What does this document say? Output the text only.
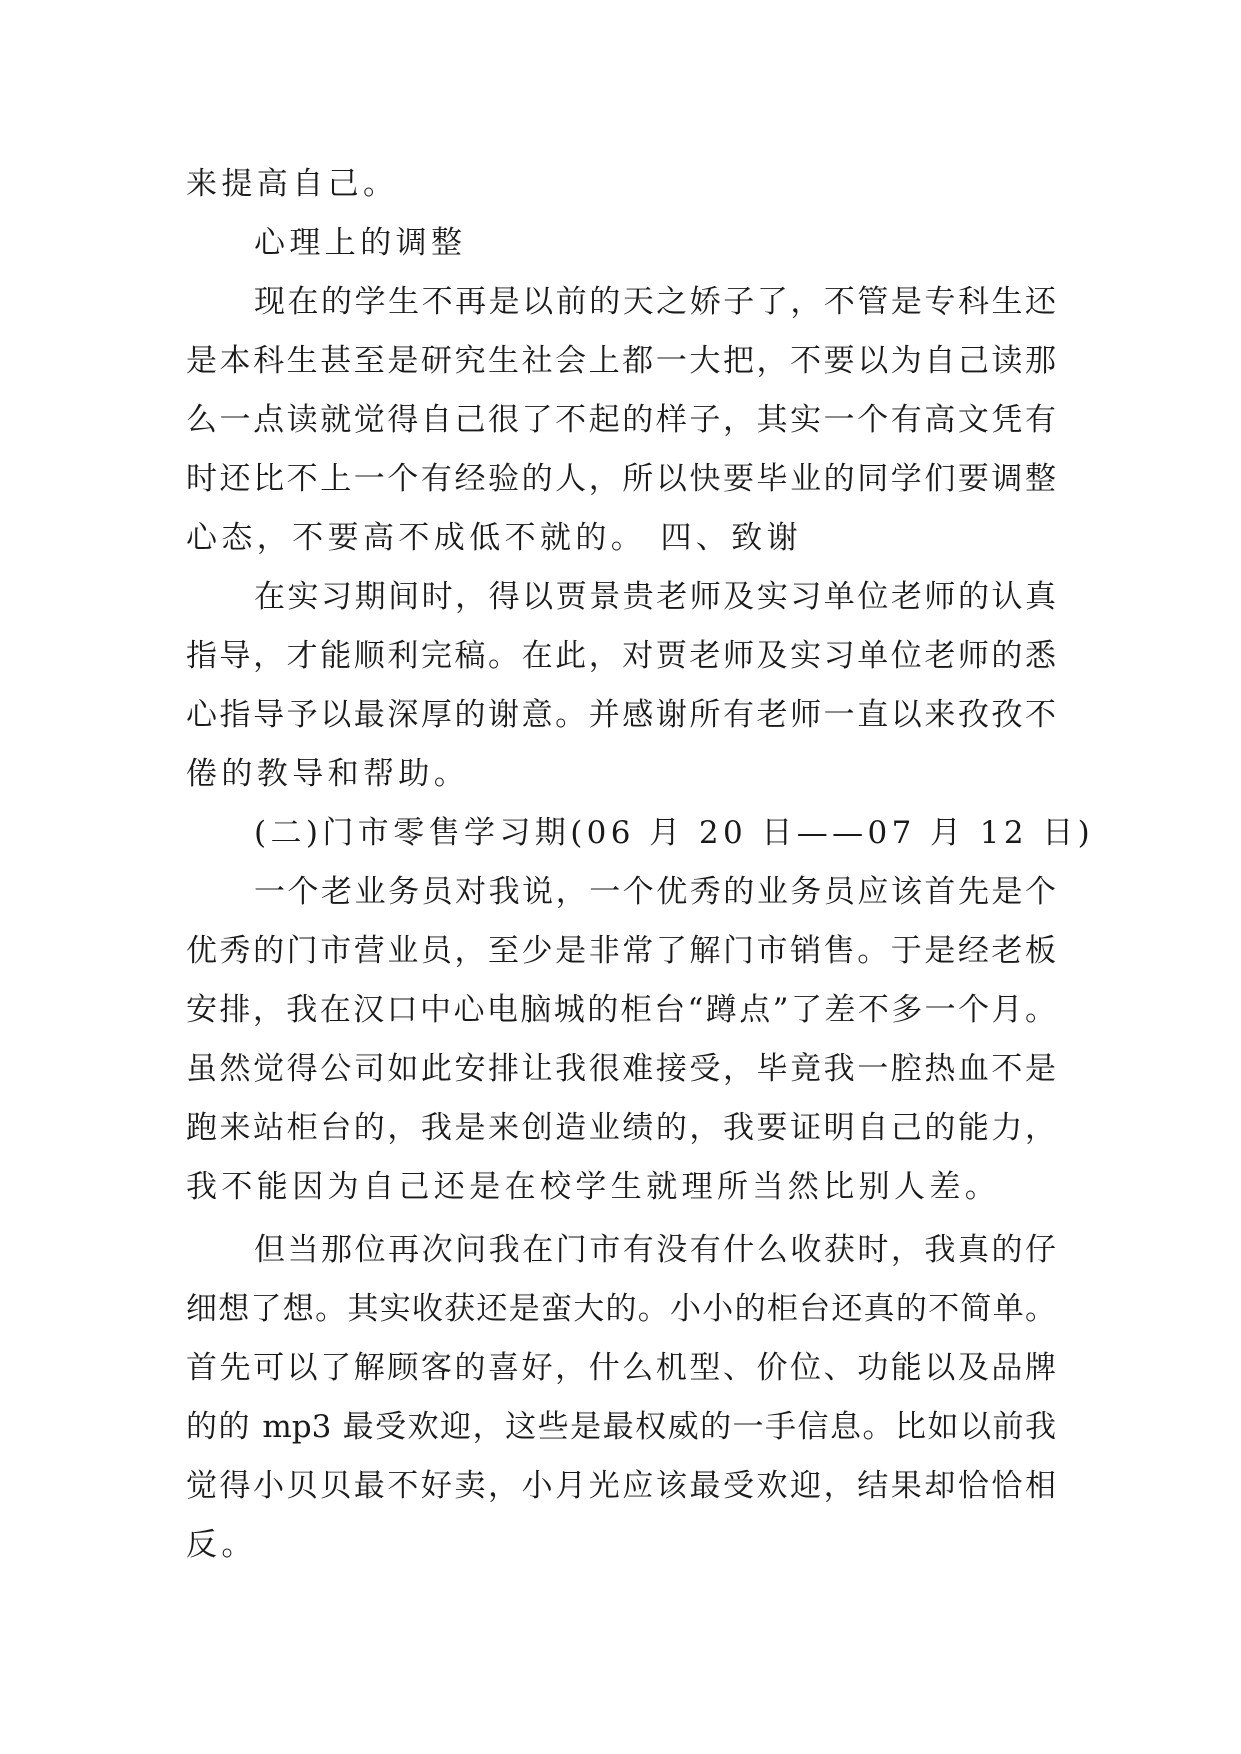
来提高自己。
心理上的调整
现在的学生不再是以前的天之娇子了，不管是专科生还
是本科生甚至是研究生社会上都一大把，不要以为自己读那
么一点读就觉得自己很了不起的样子，其实一个有高文凭有
时还比不上一个有经验的人，所以快要毕业的同学们要调整
心态，不要高不成低不就的。 四、致谢
在实习期间时，得以贾景贵老师及实习单位老师的认真
指导，才能顺利完稿。在此，对贾老师及实习单位老师的悉
心指导予以最深厚的谢意。并感谢所有老师一直以来孜孜不
倦的教导和帮助。
(二)门市零售学习期(06 月 20 日——07 月 12 日)
一个老业务员对我说，一个优秀的业务员应该首先是个
优秀的门市营业员，至少是非常了解门市销售。于是经老板
安排，我在汉口中心电脑城的柜台“蹲点”了差不多一个月。
虽然觉得公司如此安排让我很难接受，毕竟我一腔热血不是
跑来站柜台的，我是来创造业绩的，我要证明自己的能力，
我不能因为自己还是在校学生就理所当然比别人差。
但当那位再次问我在门市有没有什么收获时，我真的仔
细想了想。其实收获还是蛮大的。小小的柜台还真的不简单。
首先可以了解顾客的喜好，什么机型、价位、功能以及品牌
的的 mp3 最受欢迎，这些是最权威的一手信息。比如以前我
觉得小贝贝最不好卖，小月光应该最受欢迎，结果却恰恰相
反。
